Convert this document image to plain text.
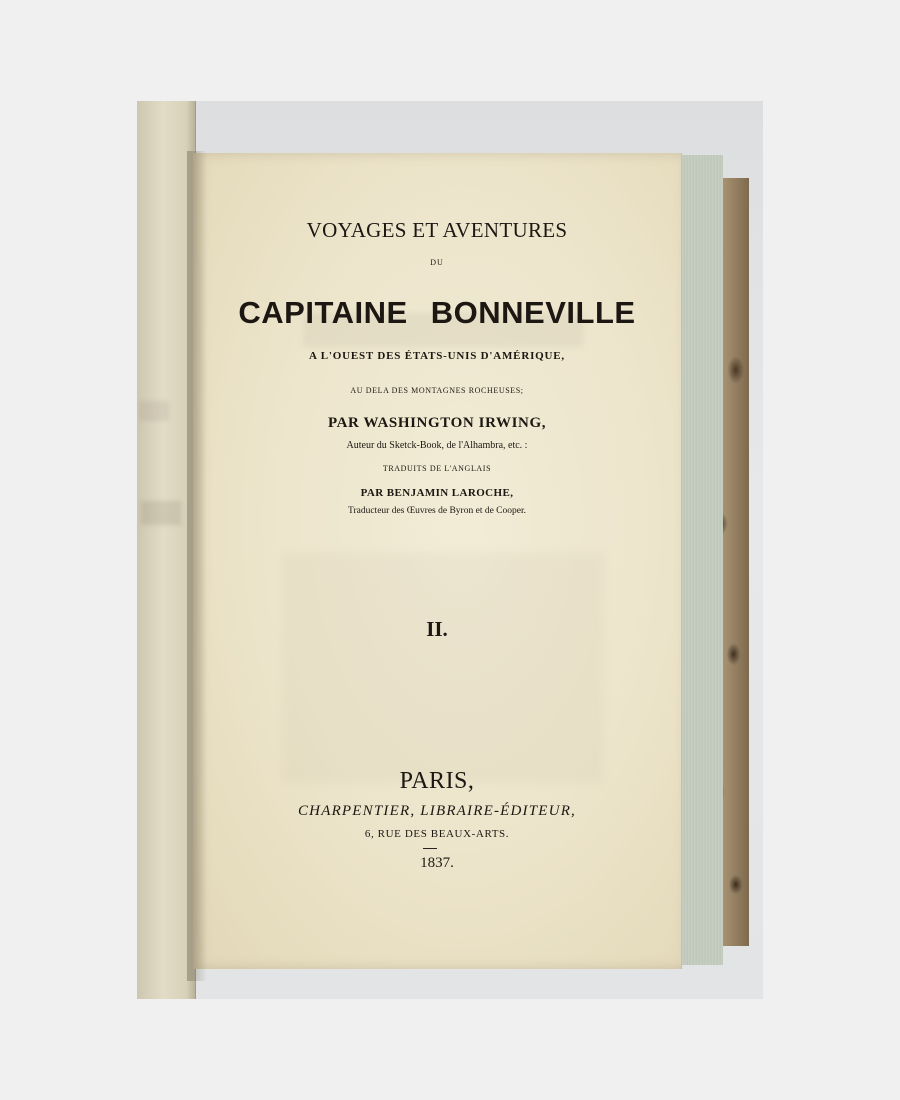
VOYAGES ET AVENTURES
DU
CAPITAINE BONNEVILLE
A L'OUEST DES ÉTATS-UNIS D'AMÉRIQUE,
AU DELA DES MONTAGNES ROCHEUSES;
PAR WASHINGTON IRWING,
Auteur du Sketck-Book, de l'Alhambra, etc. :
TRADUITS DE L'ANGLAIS
PAR BENJAMIN LAROCHE,
Traducteur des Œuvres de Byron et de Cooper.
II.
PARIS,
CHARPENTIER, LIBRAIRE-ÉDITEUR,
6, RUE DES BEAUX-ARTS.
1837.
